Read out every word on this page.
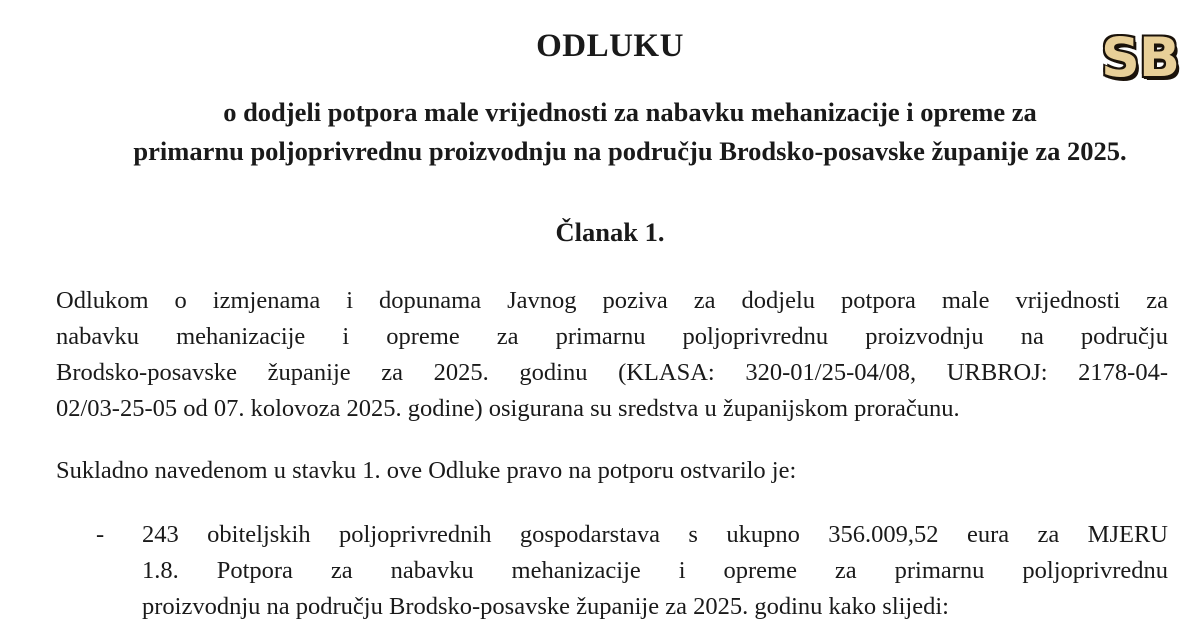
SB
ODLUKU
o dodjeli potpora male vrijednosti za nabavku mehanizacije i opreme za
primarnu poljoprivrednu proizvodnju na području Brodsko-posavske županije za 2025.
Članak 1.

Odlukom o izmjenama i dopunama Javnog poziva za dodjelu potpora male vrijednosti za
nabavku mehanizacije i opreme za primarnu poljoprivrednu proizvodnju na području
Brodsko-posavske županije za 2025. godinu (KLASA: 320-01/25-04/08, URBROJ: 2178-04-
02/03-25-05 od 07. kolovoza 2025. godine) osigurana su sredstva u županijskom proračunu.

Sukladno navedenom u stavku 1. ove Odluke pravo na potporu ostvarilo je:

- 243 obiteljskih poljoprivrednih gospodarstava s ukupno 356.009,52 eura za MJERU
1.8. Potpora za nabavku mehanizacije i opreme za primarnu poljoprivrednu
proizvodnju na području Brodsko-posavske županije za 2025. godinu kako slijedi:
